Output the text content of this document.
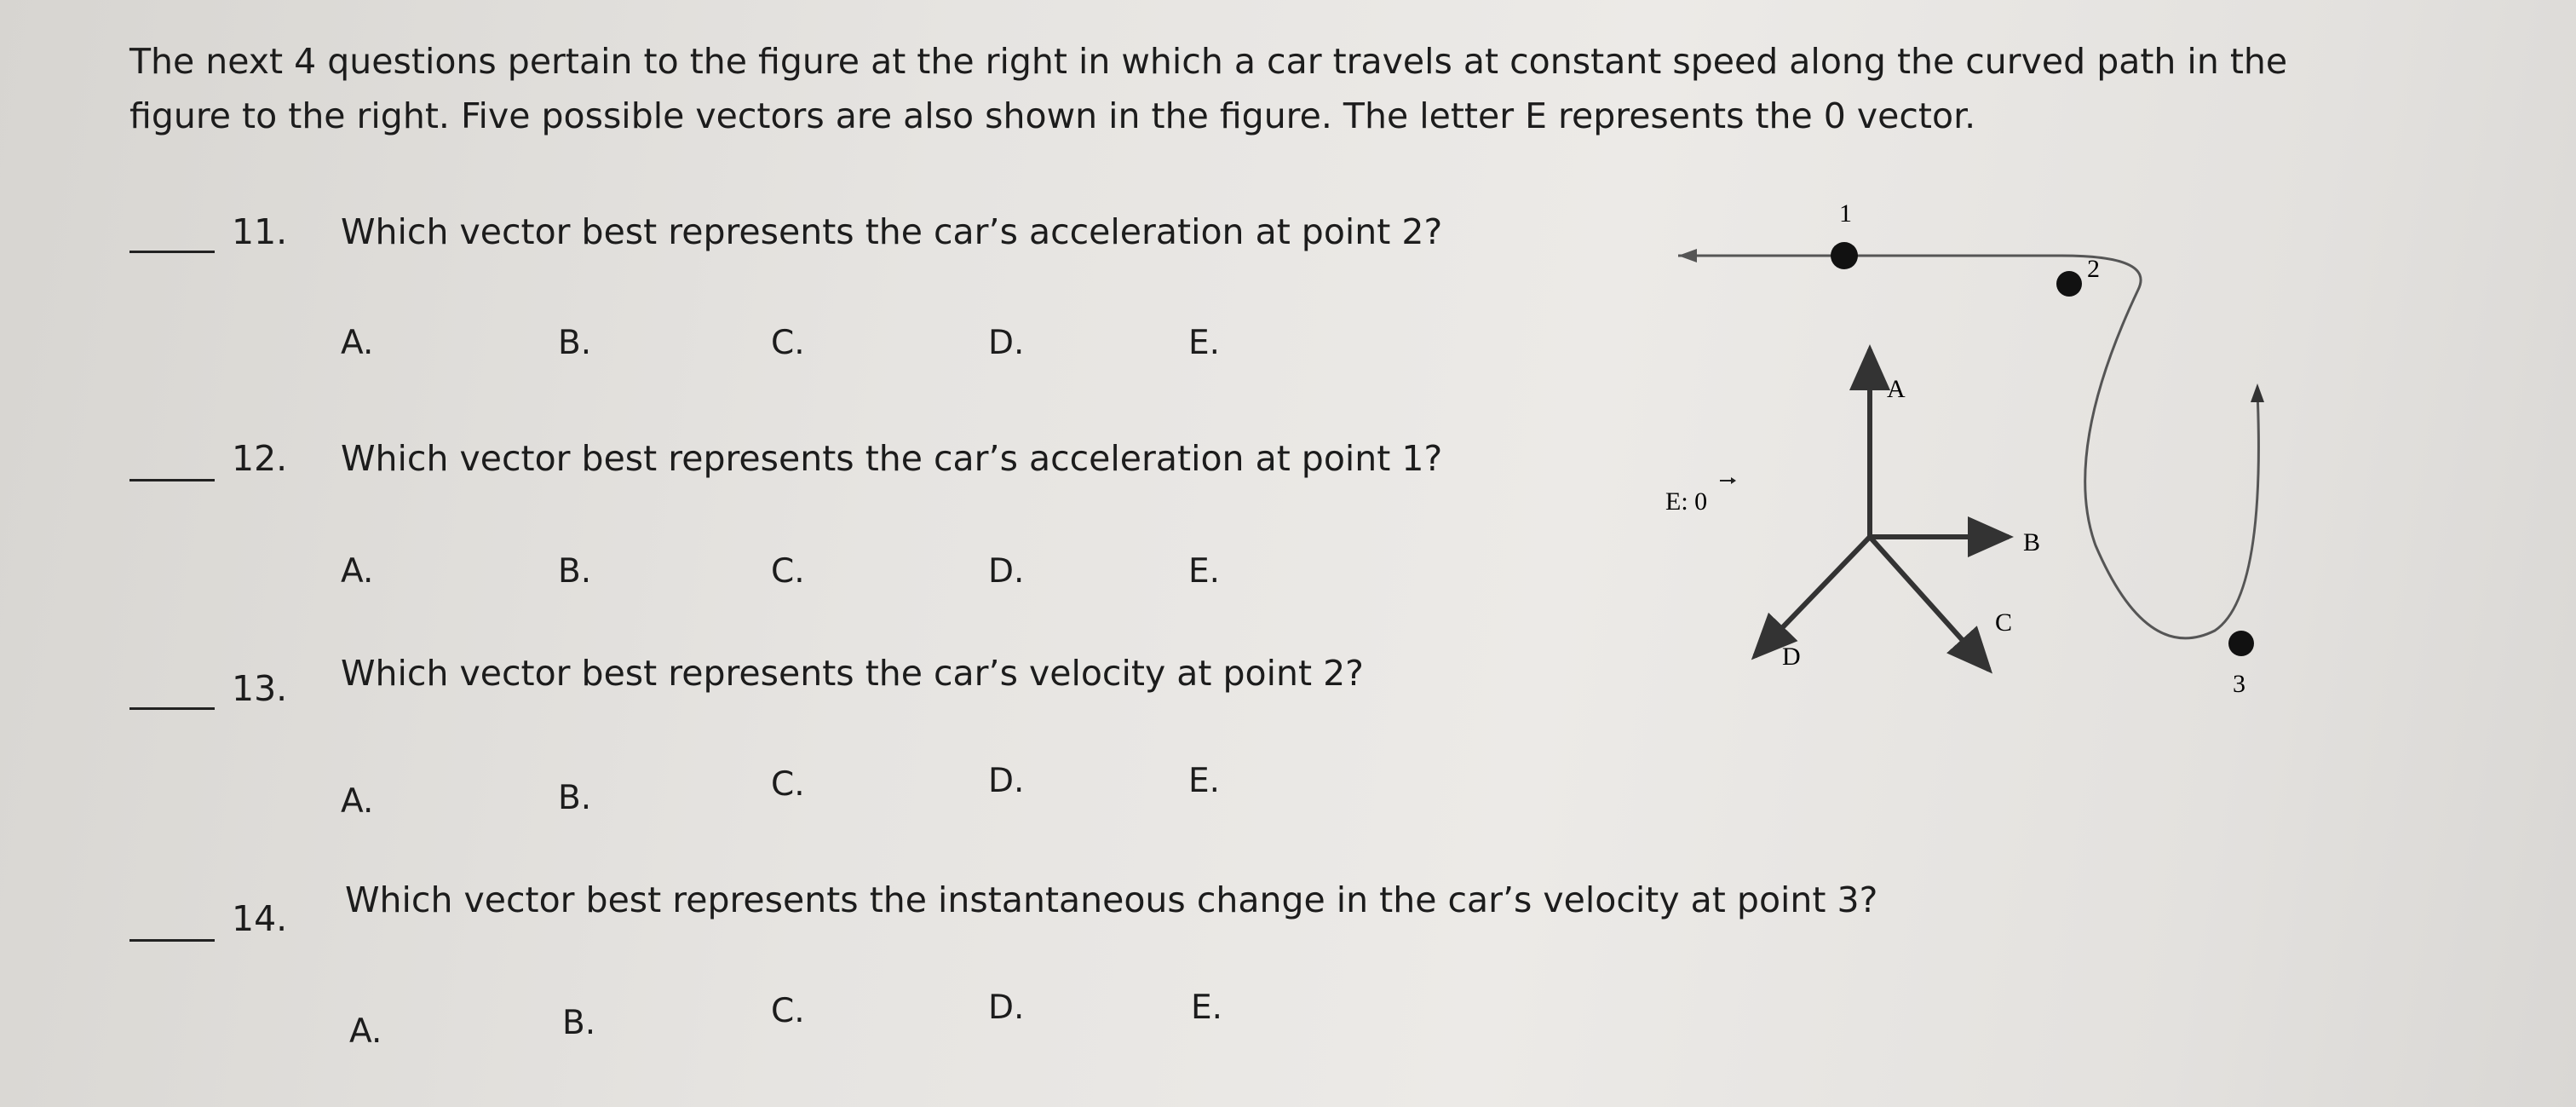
The next 4 questions pertain to the figure at the right in which a car travels at constant speed along the curved path in the figure to the right. Five possible vectors are also shown in the figure. The letter E represents the 0 vector.

11. Which vector best represents the car’s acceleration at point 2?
A.	B.	C.	D.	E.
12. Which vector best represents the car’s acceleration at point 1?
A.	B.	C.	D.	E.
13. Which vector best represents the car’s velocity at point 2?
A.	B.	C.	D.	E.
14. Which vector best represents the instantaneous change in the car’s velocity at point 3?
A.	B.	C.	D.	E.
1
2
3
A
B
C
D
E: 0
